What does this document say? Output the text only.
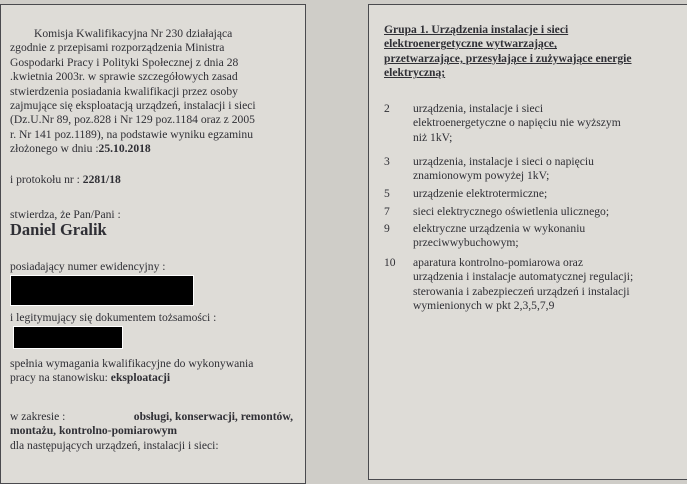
Komisja Kwalifikacyjna Nr 230 działająca
zgodnie z przepisami rozporządzenia Ministra
Gospodarki Pracy i Polityki Społecznej z dnia 28
.kwietnia 2003r. w sprawie szczegółowych zasad
stwierdzenia posiadania kwalifikacji przez osoby
zajmujące się eksploatacją urządzeń, instalacji i sieci
(Dz.U.Nr 89, poz.828 i Nr 129 poz.1184 oraz z 2005
r. Nr 141 poz.1189), na podstawie wyniku egzaminu
złożonego w dniu :25.10.2018
i protokołu nr : 2281/18
stwierdza, że Pan/Pani :
Daniel Gralik
posiadający numer ewidencyjny :
i legitymujący się dokumentem tożsamości :
spełnia wymagania kwalifikacyjne do wykonywania
pracy na stanowisku: eksploatacji
w zakresie :	obsługi, konserwacji, remontów,
montażu, kontrolno-pomiarowym
dla następujących urządzeń, instalacji i sieci:
Grupa 1. Urządzenia instalacje i sieci
elektroenergetyczne wytwarzające,
przetwarzające, przesyłające i zużywające energie
elektryczną;
2 urządzenia, instalacje i sieci
elektroenergetyczne o napięciu nie wyższym
niż 1kV;
3 urządzenia, instalacje i sieci o napięciu
znamionowym powyżej 1kV;
5 urządzenie elektrotermiczne;
7 sieci elektrycznego oświetlenia ulicznego;
9 elektryczne urządzenia w wykonaniu
przeciwwybuchowym;
10 aparatura kontrolno-pomiarowa oraz
urządzenia i instalacje automatycznej regulacji;
sterowania i zabezpieczeń urządzeń i instalacji
wymienionych w pkt 2,3,5,7,9
